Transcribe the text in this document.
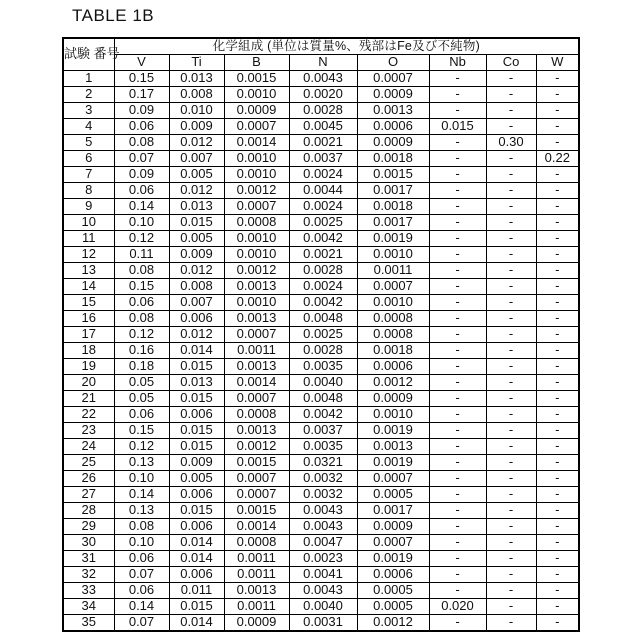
TABLE 1B
試験 番号	化学組成 (単位は質量%、残部はFe及び不純物)							
	V	Ti	B	N	O	Nb	Co	W
1	0.15	0.013	0.0015	0.0043	0.0007	-	-	-
2	0.17	0.008	0.0010	0.0020	0.0009	-	-	-
3	0.09	0.010	0.0009	0.0028	0.0013	-	-	-
4	0.06	0.009	0.0007	0.0045	0.0006	0.015	-	-
5	0.08	0.012	0.0014	0.0021	0.0009	-	0.30	-
6	0.07	0.007	0.0010	0.0037	0.0018	-	-	0.22
7	0.09	0.005	0.0010	0.0024	0.0015	-	-	-
8	0.06	0.012	0.0012	0.0044	0.0017	-	-	-
9	0.14	0.013	0.0007	0.0024	0.0018	-	-	-
10	0.10	0.015	0.0008	0.0025	0.0017	-	-	-
11	0.12	0.005	0.0010	0.0042	0.0019	-	-	-
12	0.11	0.009	0.0010	0.0021	0.0010	-	-	-
13	0.08	0.012	0.0012	0.0028	0.0011	-	-	-
14	0.15	0.008	0.0013	0.0024	0.0007	-	-	-
15	0.06	0.007	0.0010	0.0042	0.0010	-	-	-
16	0.08	0.006	0.0013	0.0048	0.0008	-	-	-
17	0.12	0.012	0.0007	0.0025	0.0008	-	-	-
18	0.16	0.014	0.0011	0.0028	0.0018	-	-	-
19	0.18	0.015	0.0013	0.0035	0.0006	-	-	-
20	0.05	0.013	0.0014	0.0040	0.0012	-	-	-
21	0.05	0.015	0.0007	0.0048	0.0009	-	-	-
22	0.06	0.006	0.0008	0.0042	0.0010	-	-	-
23	0.15	0.015	0.0013	0.0037	0.0019	-	-	-
24	0.12	0.015	0.0012	0.0035	0.0013	-	-	-
25	0.13	0.009	0.0015	0.0321	0.0019	-	-	-
26	0.10	0.005	0.0007	0.0032	0.0007	-	-	-
27	0.14	0.006	0.0007	0.0032	0.0005	-	-	-
28	0.13	0.015	0.0015	0.0043	0.0017	-	-	-
29	0.08	0.006	0.0014	0.0043	0.0009	-	-	-
30	0.10	0.014	0.0008	0.0047	0.0007	-	-	-
31	0.06	0.014	0.0011	0.0023	0.0019	-	-	-
32	0.07	0.006	0.0011	0.0041	0.0006	-	-	-
33	0.06	0.011	0.0013	0.0043	0.0005	-	-	-
34	0.14	0.015	0.0011	0.0040	0.0005	0.020	-	-
35	0.07	0.014	0.0009	0.0031	0.0012	-	-	-
